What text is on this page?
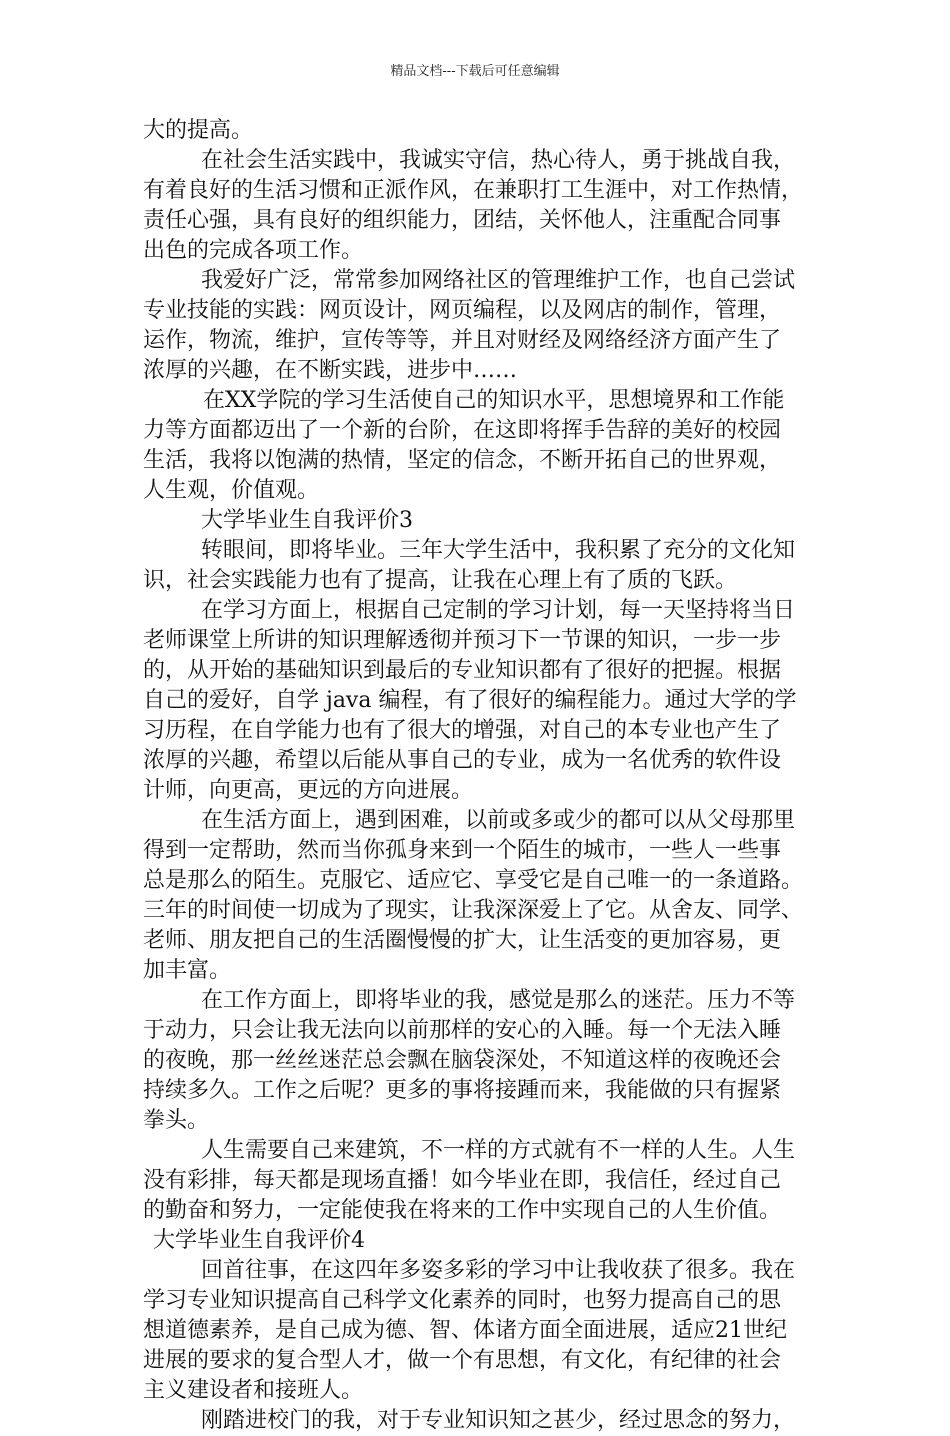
精品文档---下载后可任意编辑
大的提高。
在社会生活实践中，我诚实守信，热心待人，勇于挑战自我，
有着良好的生活习惯和正派作风，在兼职打工生涯中，对工作热情，
责任心强，具有良好的组织能力，团结，关怀他人，注重配合同事
出色的完成各项工作。
我爱好广泛，常常参加网络社区的管理维护工作，也自己尝试
专业技能的实践：网页设计，网页编程，以及网店的制作，管理，
运作，物流，维护，宣传等等，并且对财经及网络经济方面产生了
浓厚的兴趣，在不断实践，进步中……
在XX学院的学习生活使自己的知识水平，思想境界和工作能
力等方面都迈出了一个新的台阶，在这即将挥手告辞的美好的校园
生活，我将以饱满的热情，坚定的信念，不断开拓自己的世界观，
人生观，价值观。
大学毕业生自我评价3
转眼间，即将毕业。三年大学生活中，我积累了充分的文化知
识，社会实践能力也有了提高，让我在心理上有了质的飞跃。
在学习方面上，根据自己定制的学习计划，每一天坚持将当日
老师课堂上所讲的知识理解透彻并预习下一节课的知识，一步一步
的，从开始的基础知识到最后的专业知识都有了很好的把握。根据
自己的爱好，自学 java 编程，有了很好的编程能力。通过大学的学
习历程，在自学能力也有了很大的增强，对自己的本专业也产生了
浓厚的兴趣，希望以后能从事自己的专业，成为一名优秀的软件设
计师，向更高，更远的方向进展。
在生活方面上，遇到困难，以前或多或少的都可以从父母那里
得到一定帮助，然而当你孤身来到一个陌生的城市，一些人一些事
总是那么的陌生。克服它、适应它、享受它是自己唯一的一条道路。
三年的时间使一切成为了现实，让我深深爱上了它。从舍友、同学、
老师、朋友把自己的生活圈慢慢的扩大，让生活变的更加容易，更
加丰富。
在工作方面上，即将毕业的我，感觉是那么的迷茫。压力不等
于动力，只会让我无法向以前那样的安心的入睡。每一个无法入睡
的夜晚，那一丝丝迷茫总会飘在脑袋深处，不知道这样的夜晚还会
持续多久。工作之后呢？更多的事将接踵而来，我能做的只有握紧
拳头。
人生需要自己来建筑，不一样的方式就有不一样的人生。人生
没有彩排，每天都是现场直播！如今毕业在即，我信任，经过自己
的勤奋和努力，一定能使我在将来的工作中实现自己的人生价值。
大学毕业生自我评价4
回首往事，在这四年多姿多彩的学习中让我收获了很多。我在
学习专业知识提高自己科学文化素养的同时，也努力提高自己的思
想道德素养，是自己成为德、智、体诸方面全面进展，适应21世纪
进展的要求的复合型人才，做一个有思想，有文化，有纪律的社会
主义建设者和接班人。
刚踏进校门的我，对于专业知识知之甚少，经过思念的努力，
